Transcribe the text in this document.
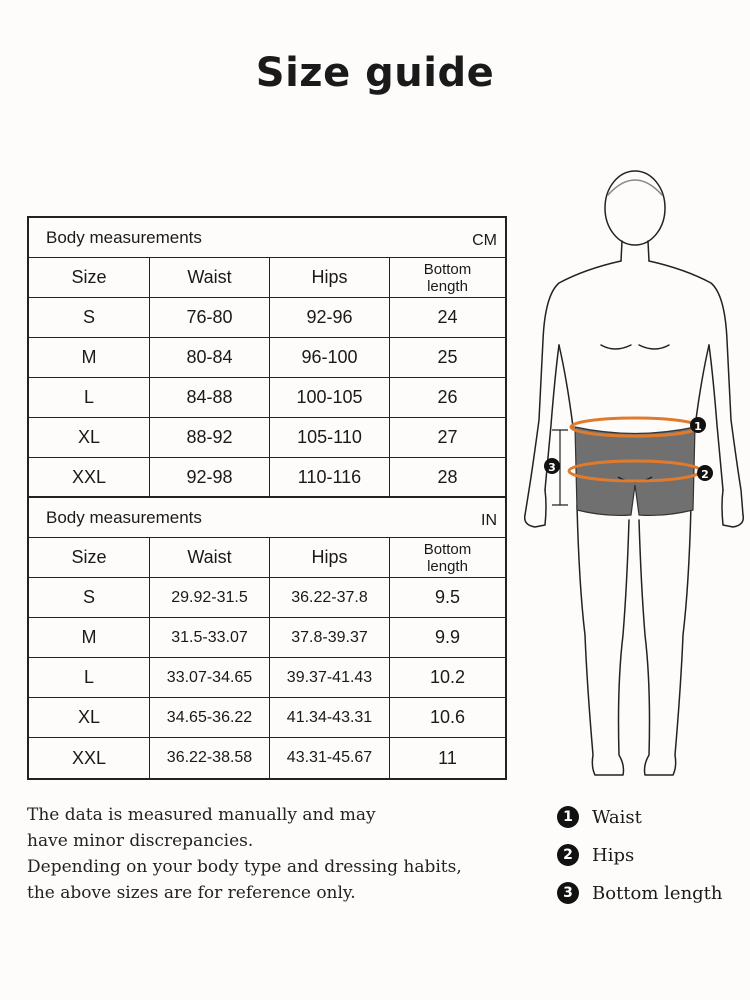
Size guide
Body measurements	CM
Size	Waist	Hips	Bottom
length
S	76-80	92-96	24
M	80-84	96-100	25
L	84-88	100-105	26
XL	88-92	105-110	27
XXL	92-98	110-116	28
Body measurements	IN
Size	Waist	Hips	Bottom
length
S	29.92-31.5	36.22-37.8	9.5
M	31.5-33.07	37.8-39.37	9.9
L	33.07-34.65	39.37-41.43	10.2
XL	34.65-36.22	41.34-43.31	10.6
XXL	36.22-38.58	43.31-45.67	11
1
2
3
The data is measured manually and may
have minor discrepancies.
Depending on your body type and dressing habits,
the above sizes are for reference only.
1	Waist
2	Hips
3	Bottom length
